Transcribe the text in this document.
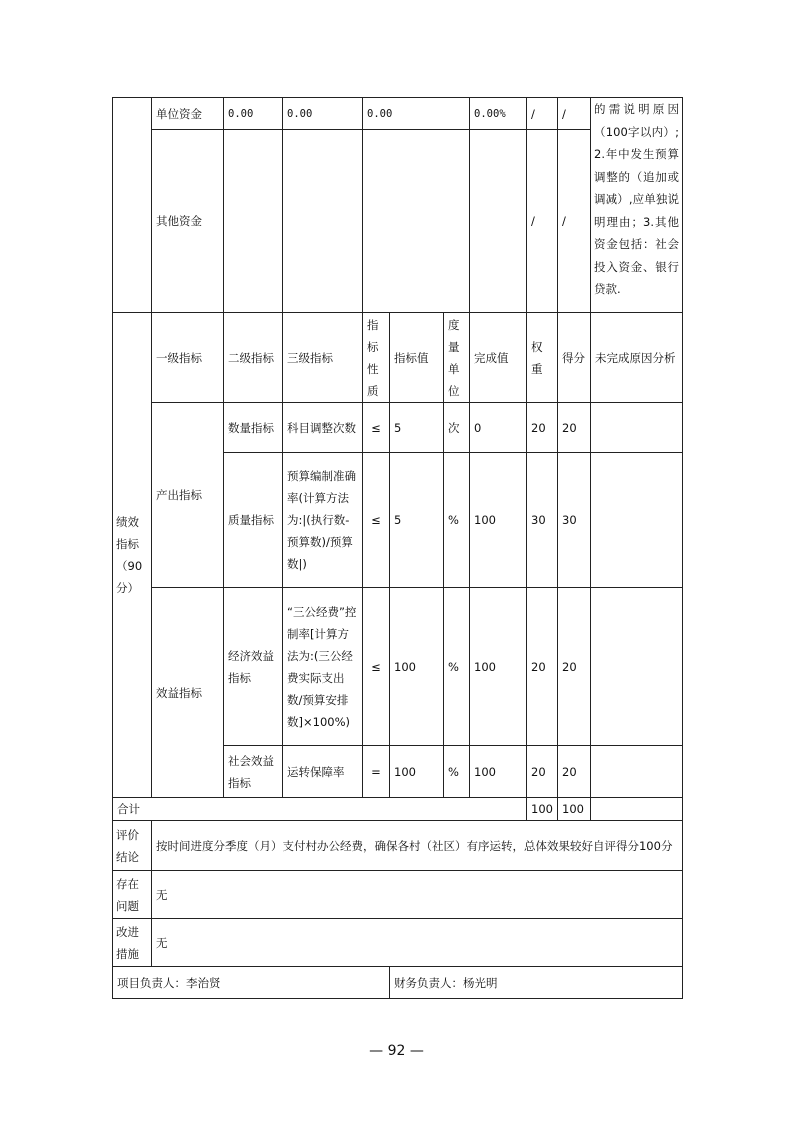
	单位资金	0.00	0.00	0.00			0.00%	/	/	的需说明原因（100字以内）;2.年中发生预算调整的（追加或调减）,应单独说明理由；3.其他资金包括：社会投入资金、银行贷款.
	其他资金							/	/	
绩效指标（90分）	一级指标	二级指标	三级指标	指标性质	指标值	度量单位	完成值	权重	得分	未完成原因分析
	产出指标	数量指标	科目调整次数	≤	5	次	0	20	20	
		质量指标	预算编制准确率(计算方法为:|(执行数-预算数)/预算数|)	≤	5	%	100	30	30	
	效益指标	经济效益指标	“三公经费”控制率[计算方法为:(三公经费实际支出数/预算安排数]×100%)	≤	100	%	100	20	20	
		社会效益指标	运转保障率	=	100	%	100	20	20	
合计								100	100	
评价结论	按时间进度分季度（月）支付村办公经费，确保各村（社区）有序运转，总体效果较好自评得分100分									
存在问题	无									
改进措施	无									
项目负责人：李治贤					财务负责人：杨光明					
— 92 —
